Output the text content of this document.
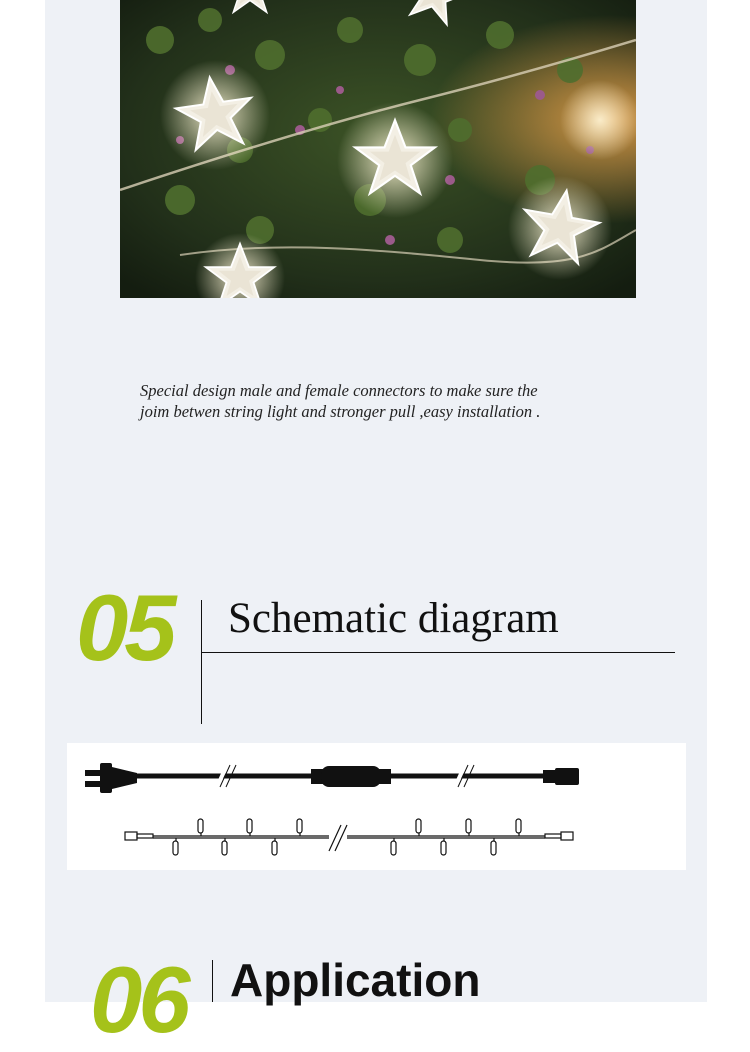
Special design male and female connectors to make sure the
joim betwen string light and stronger pull ,easy installation .
05 Schematic diagram
06 Application
